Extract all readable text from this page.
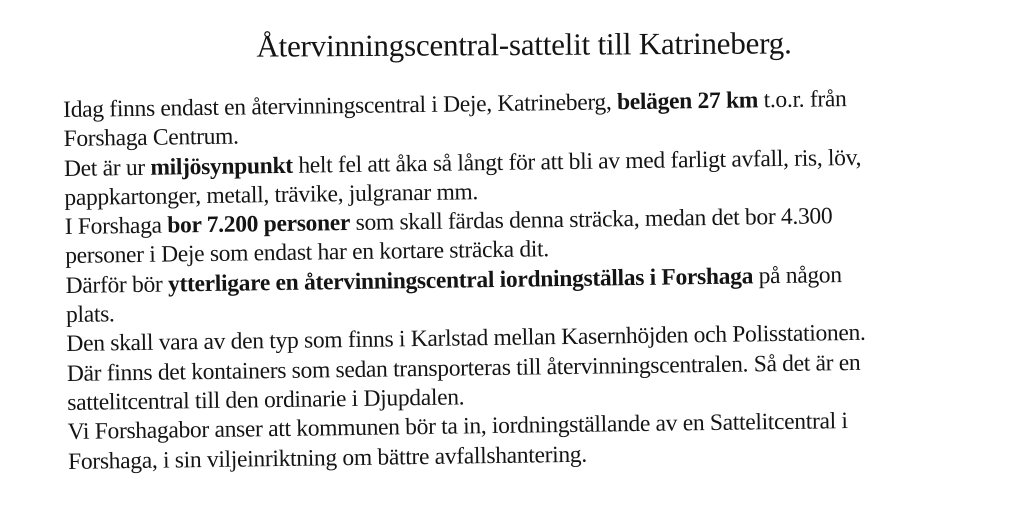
Återvinningscentral-sattelit till Katrineberg.
Idag finns endast en återvinningscentral i Deje, Katrineberg, belägen 27 km t.o.r. från
Forshaga Centrum.
Det är ur miljösynpunkt helt fel att åka så långt för att bli av med farligt avfall, ris, löv,
pappkartonger, metall, trävike, julgranar mm.
I Forshaga bor 7.200 personer som skall färdas denna sträcka, medan det bor 4.300
personer i Deje som endast har en kortare sträcka dit.
Därför bör ytterligare en återvinningscentral iordningställas i Forshaga på någon
plats.
Den skall vara av den typ som finns i Karlstad mellan Kasernhöjden och Polisstationen.
Där finns det kontainers som sedan transporteras till återvinningscentralen. Så det är en
sattelitcentral till den ordinarie i Djupdalen.
Vi Forshagabor anser att kommunen bör ta in, iordningställande av en Sattelitcentral i
Forshaga, i sin viljeinriktning om bättre avfallshantering.
